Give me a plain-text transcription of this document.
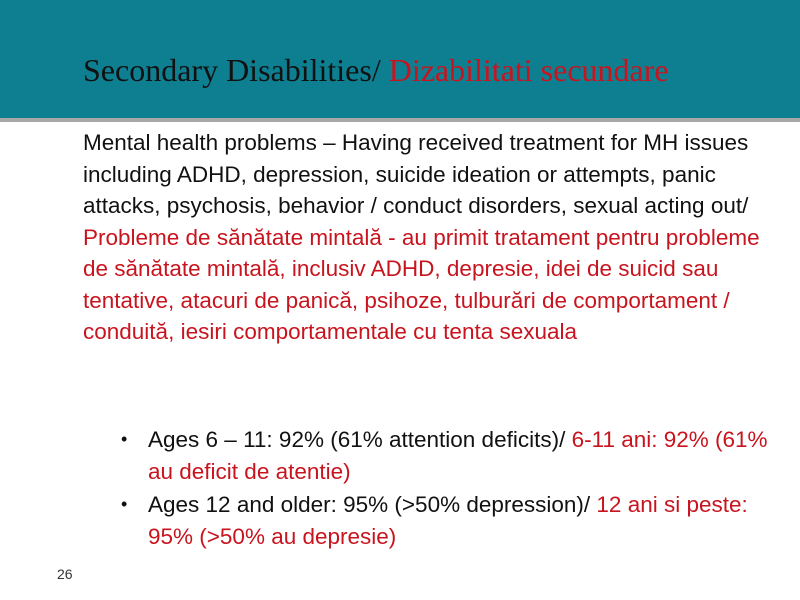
Secondary Disabilities/ Dizabilitati secundare
Mental health problems – Having received treatment for MH issues including ADHD, depression, suicide ideation or attempts, panic attacks, psychosis, behavior / conduct disorders, sexual acting out/ Probleme de sănătate mintală - au primit tratament pentru probleme de sănătate mintală, inclusiv ADHD, depresie, idei de suicid sau tentative, atacuri de panică, psihoze, tulburări de comportament / conduită, iesiri comportamentale cu tenta sexuala
• Ages 6 – 11: 92% (61% attention deficits)/ 6-11 ani: 92% (61% au deficit de atentie)
• Ages 12 and older: 95% (>50% depression)/ 12 ani si peste: 95% (>50% au depresie)
26
